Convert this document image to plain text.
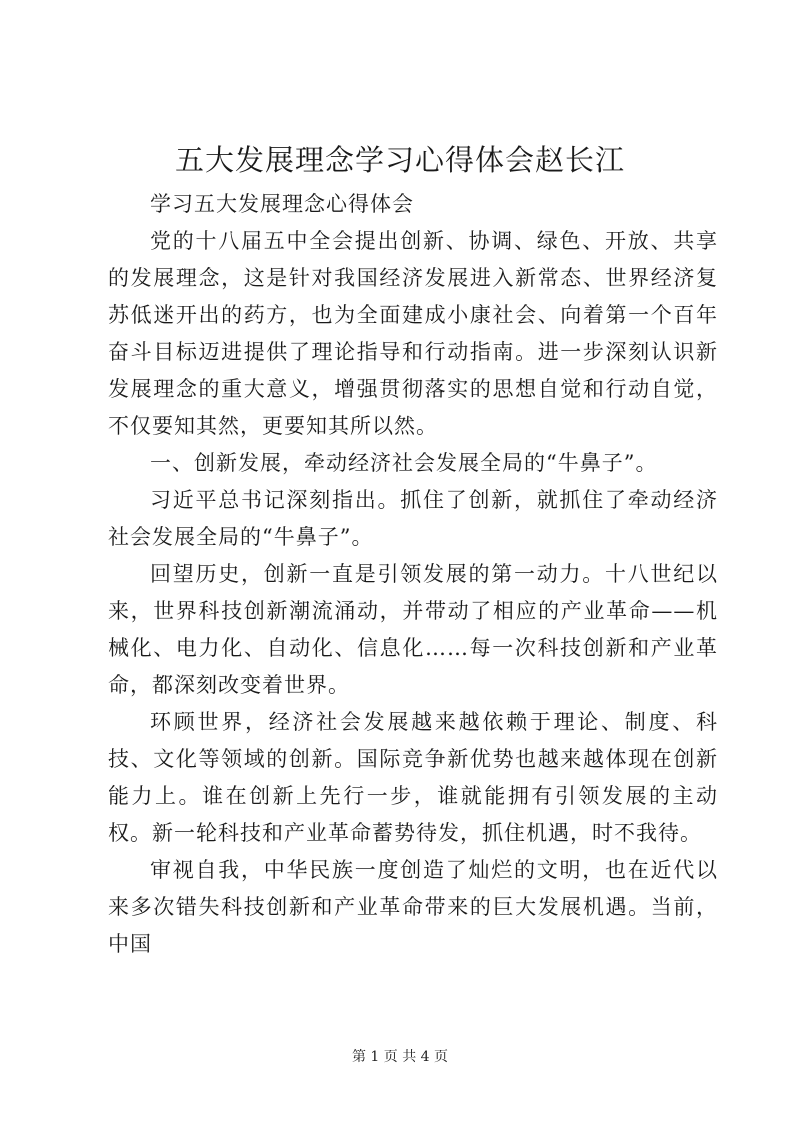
五大发展理念学习心得体会赵长江

学习五大发展理念心得体会

党的十八届五中全会提出创新、协调、绿色、开放、共享的发展理念，这是针对我国经济发展进入新常态、世界经济复苏低迷开出的药方，也为全面建成小康社会、向着第一个百年奋斗目标迈进提供了理论指导和行动指南。进一步深刻认识新发展理念的重大意义，增强贯彻落实的思想自觉和行动自觉，不仅要知其然，更要知其所以然。

一、创新发展，牵动经济社会发展全局的“牛鼻子”。

习近平总书记深刻指出。抓住了创新，就抓住了牵动经济社会发展全局的“牛鼻子”。

回望历史，创新一直是引领发展的第一动力。十八世纪以来，世界科技创新潮流涌动，并带动了相应的产业革命——机械化、电力化、自动化、信息化……每一次科技创新和产业革命，都深刻改变着世界。

环顾世界，经济社会发展越来越依赖于理论、制度、科技、文化等领域的创新。国际竞争新优势也越来越体现在创新能力上。谁在创新上先行一步，谁就能拥有引领发展的主动权。新一轮科技和产业革命蓄势待发，抓住机遇，时不我待。

审视自我，中华民族一度创造了灿烂的文明，也在近代以来多次错失科技创新和产业革命带来的巨大发展机遇。当前，中国

第 1 页 共 4 页
